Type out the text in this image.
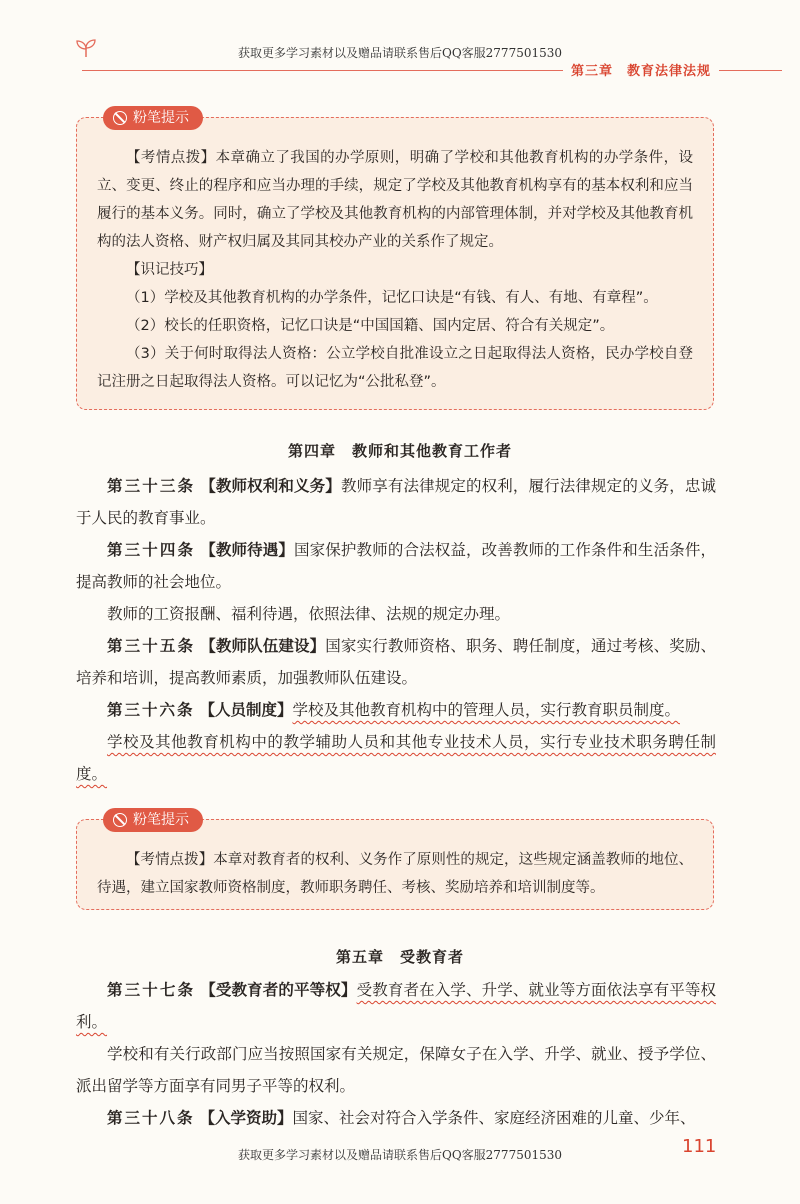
获取更多学习素材以及赠品请联系售后QQ客服2777501530
第三章　教育法律法规
粉笔提示

【考情点拨】本章确立了我国的办学原则，明确了学校和其他教育机构的办学条件，设立、变更、终止的程序和应当办理的手续，规定了学校及其他教育机构享有的基本权利和应当履行的基本义务。同时，确立了学校及其他教育机构的内部管理体制，并对学校及其他教育机构的法人资格、财产权归属及其同其校办产业的关系作了规定。

【识记技巧】

（1）学校及其他教育机构的办学条件，记忆口诀是“有钱、有人、有地、有章程”。

（2）校长的任职资格，记忆口诀是“中国国籍、国内定居、符合有关规定”。

（3）关于何时取得法人资格：公立学校自批准设立之日起取得法人资格，民办学校自登记注册之日起取得法人资格。可以记忆为“公批私登”。

第四章　教师和其他教育工作者

第三十三条 【教师权利和义务】教师享有法律规定的权利，履行法律规定的义务，忠诚于人民的教育事业。

第三十四条 【教师待遇】国家保护教师的合法权益，改善教师的工作条件和生活条件，提高教师的社会地位。

教师的工资报酬、福利待遇，依照法律、法规的规定办理。

第三十五条 【教师队伍建设】国家实行教师资格、职务、聘任制度，通过考核、奖励、培养和培训，提高教师素质，加强教师队伍建设。

第三十六条 【人员制度】学校及其他教育机构中的管理人员，实行教育职员制度。

学校及其他教育机构中的教学辅助人员和其他专业技术人员，实行专业技术职务聘任制度。

粉笔提示

【考情点拨】本章对教育者的权利、义务作了原则性的规定，这些规定涵盖教师的地位、待遇，建立国家教师资格制度，教师职务聘任、考核、奖励培养和培训制度等。

第五章　受教育者

第三十七条 【受教育者的平等权】受教育者在入学、升学、就业等方面依法享有平等权利。

学校和有关行政部门应当按照国家有关规定，保障女子在入学、升学、就业、授予学位、派出留学等方面享有同男子平等的权利。

第三十八条 【入学资助】国家、社会对符合入学条件、家庭经济困难的儿童、少年、

111
获取更多学习素材以及赠品请联系售后QQ客服2777501530
